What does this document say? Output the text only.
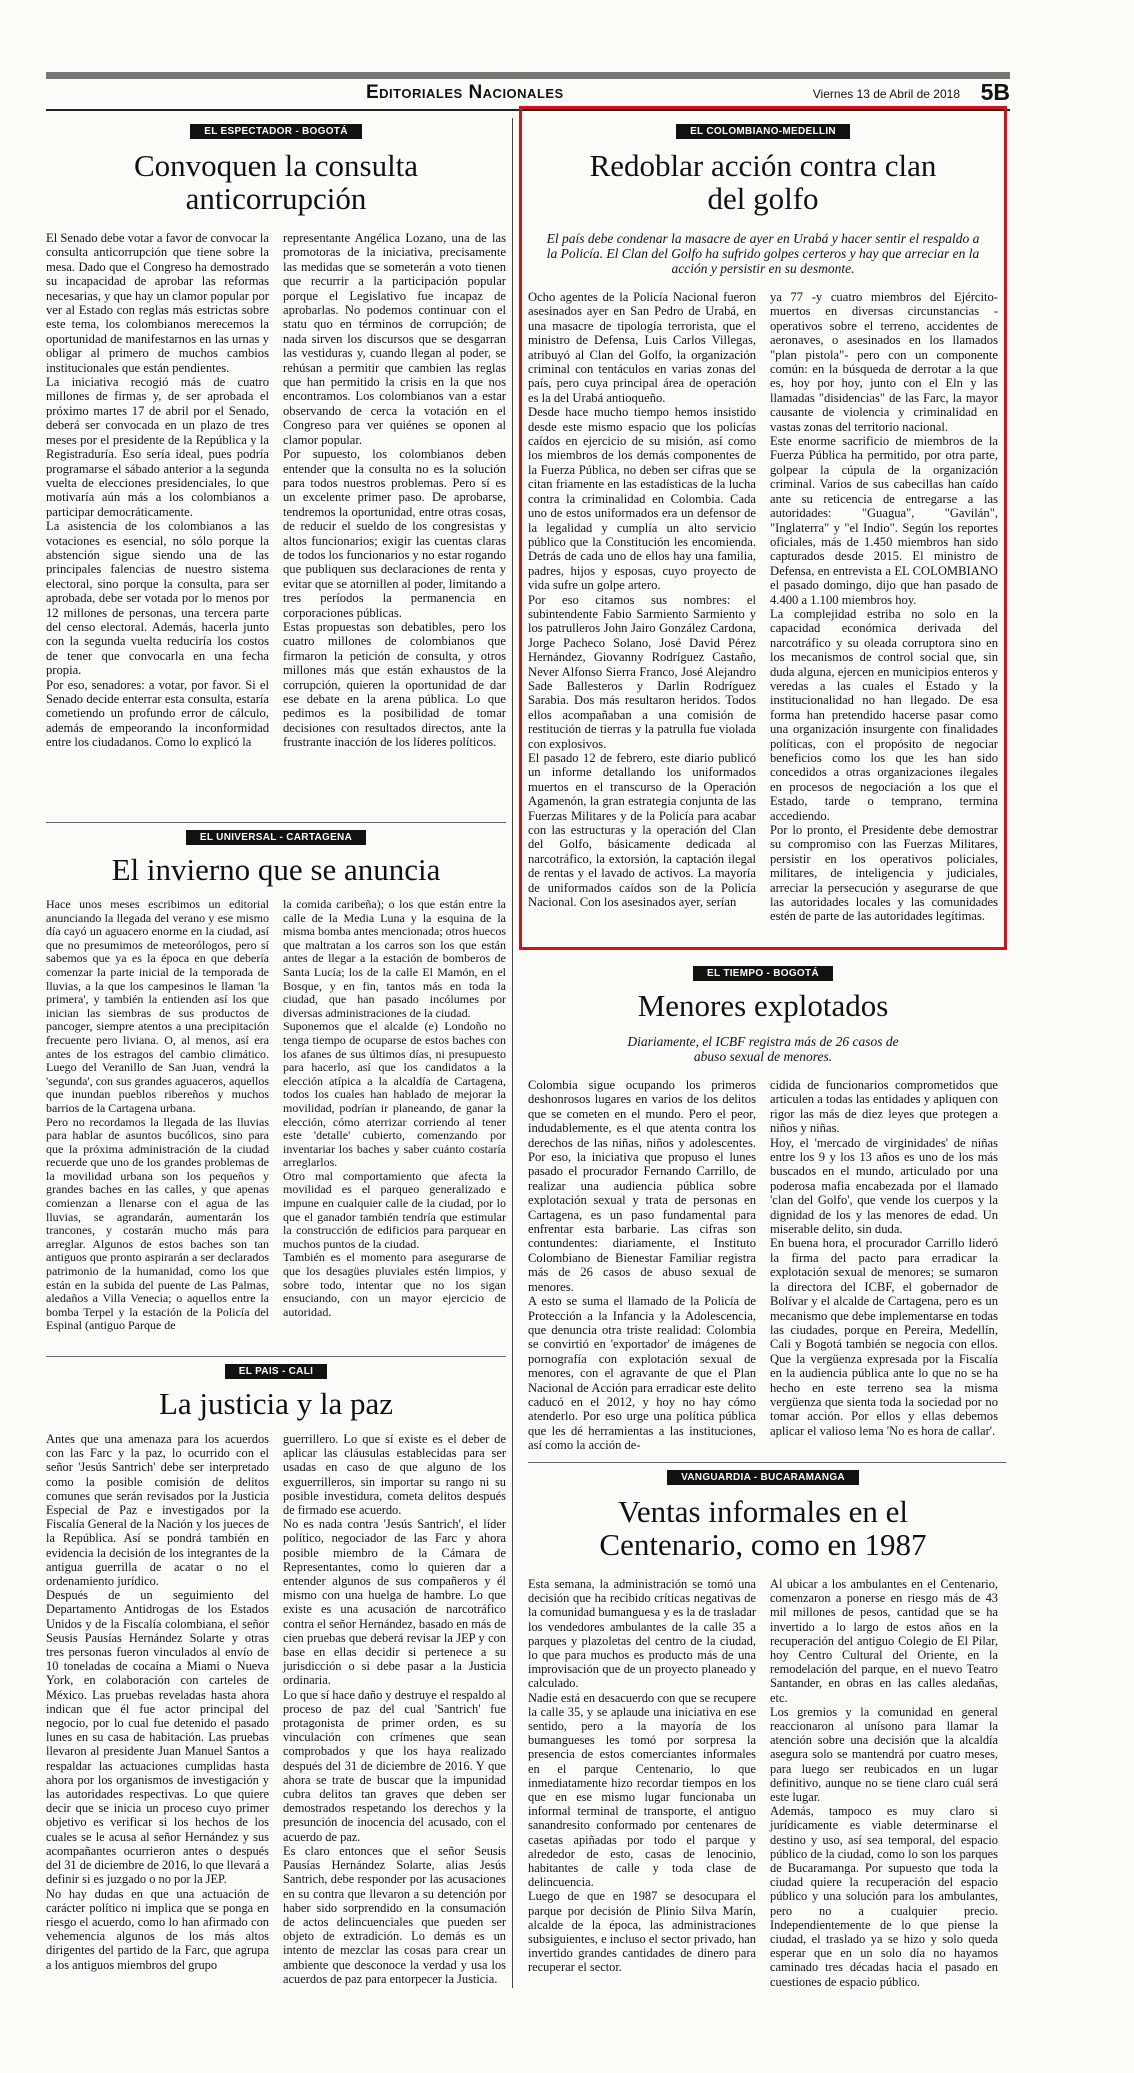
Editoriales Nacionales	Viernes 13 de Abril de 2018 5B
EL ESPECTADOR - BOGOTÁ
Convoquen la consulta anticorrupción

El Senado debe votar a favor de convocar la consulta anticorrupción que tiene sobre la mesa. Dado que el Congreso ha demostrado su incapacidad de aprobar las reformas necesarias, y que hay un clamor popular por ver al Estado con reglas más estrictas sobre este tema, los colombianos merecemos la oportunidad de manifestarnos en las urnas y obligar al primero de muchos cambios institucionales que están pendientes.

La iniciativa recogió más de cuatro millones de firmas y, de ser aprobada el próximo martes 17 de abril por el Senado, deberá ser convocada en un plazo de tres meses por el presidente de la República y la Registraduría. Eso sería ideal, pues podría programarse el sábado anterior a la segunda vuelta de elecciones presidenciales, lo que motivaría aún más a los colombianos a participar democráticamente.

La asistencia de los colombianos a las votaciones es esencial, no sólo porque la abstención sigue siendo una de las principales falencias de nuestro sistema electoral, sino porque la consulta, para ser aprobada, debe ser votada por lo menos por 12 millones de personas, una tercera parte del censo electoral. Además, hacerla junto con la segunda vuelta reduciría los costos de tener que convocarla en una fecha propia.

Por eso, senadores: a votar, por favor. Si el Senado decide enterrar esta consulta, estaría cometiendo un profundo error de cálculo, además de empeorando la inconformidad entre los ciudadanos. Como lo explicó la

representante Angélica Lozano, una de las promotoras de la iniciativa, precisamente las medidas que se someterán a voto tienen que recurrir a la participación popular porque el Legislativo fue incapaz de aprobarlas. No podemos continuar con el statu quo en términos de corrupción; de nada sirven los discursos que se desgarran las vestiduras y, cuando llegan al poder, se rehúsan a permitir que cambien las reglas que han permitido la crisis en la que nos encontramos. Los colombianos van a estar observando de cerca la votación en el Congreso para ver quiénes se oponen al clamor popular.

Por supuesto, los colombianos deben entender que la consulta no es la solución para todos nuestros problemas. Pero sí es un excelente primer paso. De aprobarse, tendremos la oportunidad, entre otras cosas, de reducir el sueldo de los congresistas y altos funcionarios; exigir las cuentas claras de todos los funcionarios y no estar rogando que publiquen sus declaraciones de renta y evitar que se atornillen al poder, limitando a tres períodos la permanencia en corporaciones públicas.

Estas propuestas son debatibles, pero los cuatro millones de colombianos que firmaron la petición de consulta, y otros millones más que están exhaustos de la corrupción, quieren la oportunidad de dar ese debate en la arena pública. Lo que pedimos es la posibilidad de tomar decisiones con resultados directos, ante la frustrante inacción de los líderes políticos.

EL COLOMBIANO-MEDELLIN
Redoblar acción contra clan del golfo
El país debe condenar la masacre de ayer en Urabá y hacer sentir el respaldo a la Policía. El Clan del Golfo ha sufrido golpes certeros y hay que arreciar en la acción y persistir en su desmonte.

Ocho agentes de la Policía Nacional fueron asesinados ayer en San Pedro de Urabá, en una masacre de tipología terrorista, que el ministro de Defensa, Luis Carlos Villegas, atribuyó al Clan del Golfo, la organización criminal con tentáculos en varias zonas del país, pero cuya principal área de operación es la del Urabá antioqueño.

Desde hace mucho tiempo hemos insistido desde este mismo espacio que los policías caídos en ejercicio de su misión, así como los miembros de los demás componentes de la Fuerza Pública, no deben ser cifras que se citan friamente en las estadísticas de la lucha contra la criminalidad en Colombia. Cada uno de estos uniformados era un defensor de la legalidad y cumplía un alto servicio público que la Constitución les encomienda. Detrás de cada uno de ellos hay una familia, padres, hijos y esposas, cuyo proyecto de vida sufre un golpe artero.

Por eso citamos sus nombres: el subintendente Fabio Sarmiento Sarmiento y los patrulleros John Jairo González Cardona, Jorge Pacheco Solano, José David Pérez Hernández, Giovanny Rodríguez Castaño, Never Alfonso Sierra Franco, José Alejandro Sade Ballesteros y Darlin Rodríguez Sarabia. Dos más resultaron heridos. Todos ellos acompañaban a una comisión de restitución de tierras y la patrulla fue violada con explosivos.

El pasado 12 de febrero, este diario publicó un informe detallando los uniformados muertos en el transcurso de la Operación Agamenón, la gran estrategia conjunta de las Fuerzas Militares y de la Policía para acabar con las estructuras y la operación del Clan del Golfo, básicamente dedicada al narcotráfico, la extorsión, la captación ilegal de rentas y el lavado de activos. La mayoría de uniformados caídos son de la Policía Nacional. Con los asesinados ayer, serían

ya 77 -y cuatro miembros del Ejército- muertos en diversas circunstancias -operativos sobre el terreno, accidentes de aeronaves, o asesinados en los llamados "plan pistola"- pero con un componente común: en la búsqueda de derrotar a la que es, hoy por hoy, junto con el Eln y las llamadas "disidencias" de las Farc, la mayor causante de violencia y criminalidad en vastas zonas del territorio nacional.

Este enorme sacrificio de miembros de la Fuerza Pública ha permitido, por otra parte, golpear la cúpula de la organización criminal. Varios de sus cabecillas han caído ante su reticencia de entregarse a las autoridades: "Guagua", "Gavilán", "Inglaterra" y "el Indio". Según los reportes oficiales, más de 1.450 miembros han sido capturados desde 2015. El ministro de Defensa, en entrevista a EL COLOMBIANO el pasado domingo, dijo que han pasado de 4.400 a 1.100 miembros hoy.

La complejidad estriba no solo en la capacidad económica derivada del narcotráfico y su oleada corruptora sino en los mecanismos de control social que, sin duda alguna, ejercen en municipios enteros y veredas a las cuales el Estado y la institucionalidad no han llegado. De esa forma han pretendido hacerse pasar como una organización insurgente con finalidades políticas, con el propósito de negociar beneficios como los que les han sido concedidos a otras organizaciones ilegales en procesos de negociación a los que el Estado, tarde o temprano, termina accediendo.

Por lo pronto, el Presidente debe demostrar su compromiso con las Fuerzas Militares, persistir en los operativos policiales, militares, de inteligencia y judiciales, arreciar la persecución y asegurarse de que las autoridades locales y las comunidades estén de parte de las autoridades legítimas.

EL UNIVERSAL - CARTAGENA
El invierno que se anuncia

Hace unos meses escribimos un editorial anunciando la llegada del verano y ese mismo día cayó un aguacero enorme en la ciudad, así que no presumimos de meteorólogos, pero sí sabemos que ya es la época en que debería comenzar la parte inicial de la temporada de lluvias, a la que los campesinos le llaman 'la primera', y también la entienden así los que inician las siembras de sus productos de pancoger, siempre atentos a una precipitación frecuente pero liviana. O, al menos, así era antes de los estragos del cambio climático. Luego del Veranillo de San Juan, vendrá la 'segunda', con sus grandes aguaceros, aquellos que inundan pueblos ribereños y muchos barrios de la Cartagena urbana.

Pero no recordamos la llegada de las lluvias para hablar de asuntos bucólicos, sino para que la próxima administración de la ciudad recuerde que uno de los grandes problemas de la movilidad urbana son los pequeños y grandes baches en las calles, y que apenas comienzan a llenarse con el agua de las lluvias, se agrandarán, aumentarán los trancones, y costarán mucho más para arreglar. Algunos de estos baches son tan antiguos que pronto aspirarán a ser declarados patrimonio de la humanidad, como los que están en la subida del puente de Las Palmas, aledaños a Villa Venecia; o aquellos entre la bomba Terpel y la estación de la Policía del Espinal (antiguo Parque de

la comida caribeña); o los que están entre la calle de la Media Luna y la esquina de la misma bomba antes mencionada; otros huecos que maltratan a los carros son los que están antes de llegar a la estación de bomberos de Santa Lucía; los de la calle El Mamón, en el Bosque, y en fin, tantos más en toda la ciudad, que han pasado incólumes por diversas administraciones de la ciudad.

Suponemos que el alcalde (e) Londoño no tenga tiempo de ocuparse de estos baches con los afanes de sus últimos días, ni presupuesto para hacerlo, así que los candidatos a la elección atípica a la alcaldía de Cartagena, todos los cuales han hablado de mejorar la movilidad, podrían ir planeando, de ganar la elección, cómo aterrizar corriendo al tener este 'detalle' cubierto, comenzando por inventariar los baches y saber cuánto costaría arreglarlos.

Otro mal comportamiento que afecta la movilidad es el parqueo generalizado e impune en cualquier calle de la ciudad, por lo que el ganador también tendría que estimular la construcción de edificios para parquear en muchos puntos de la ciudad.

También es el momento para asegurarse de que los desagües pluviales estén limpios, y sobre todo, intentar que no los sigan ensuciando, con un mayor ejercicio de autoridad.

EL TIEMPO - BOGOTÁ
Menores explotados
Diariamente, el ICBF registra más de 26 casos de abuso sexual de menores.

Colombia sigue ocupando los primeros deshonrosos lugares en varios de los delitos que se cometen en el mundo. Pero el peor, indudablemente, es el que atenta contra los derechos de las niñas, niños y adolescentes. Por eso, la iniciativa que propuso el lunes pasado el procurador Fernando Carrillo, de realizar una audiencia pública sobre explotación sexual y trata de personas en Cartagena, es un paso fundamental para enfrentar esta barbarie. Las cifras son contundentes: diariamente, el Instituto Colombiano de Bienestar Familiar registra más de 26 casos de abuso sexual de menores.

A esto se suma el llamado de la Policía de Protección a la Infancia y la Adolescencia, que denuncia otra triste realidad: Colombia se convirtió en 'exportador' de imágenes de pornografía con explotación sexual de menores, con el agravante de que el Plan Nacional de Acción para erradicar este delito caducó en el 2012, y hoy no hay cómo atenderlo. Por eso urge una política pública que les dé herramientas a las instituciones, así como la acción de-

cidida de funcionarios comprometidos que articulen a todas las entidades y apliquen con rigor las más de diez leyes que protegen a niños y niñas.

Hoy, el 'mercado de virginidades' de niñas entre los 9 y los 13 años es uno de los más buscados en el mundo, articulado por una poderosa mafia encabezada por el llamado 'clan del Golfo', que vende los cuerpos y la dignidad de los y las menores de edad. Un miserable delito, sin duda.

En buena hora, el procurador Carrillo lideró la firma del pacto para erradicar la explotación sexual de menores; se sumaron la directora del ICBF, el gobernador de Bolívar y el alcalde de Cartagena, pero es un mecanismo que debe implementarse en todas las ciudades, porque en Pereira, Medellín, Cali y Bogotá también se negocia con ellos. Que la vergüenza expresada por la Fiscalía en la audiencia pública ante lo que no se ha hecho en este terreno sea la misma vergüenza que sienta toda la sociedad por no tomar acción. Por ellos y ellas debemos aplicar el valioso lema 'No es hora de callar'.

EL PAIS - CALI
La justicia y la paz

Antes que una amenaza para los acuerdos con las Farc y la paz, lo ocurrido con el señor 'Jesús Santrich' debe ser interpretado como la posible comisión de delitos comunes que serán revisados por la Justicia Especial de Paz e investigados por la Fiscalía General de la Nación y los jueces de la República. Así se pondrá también en evidencia la decisión de los integrantes de la antigua guerrilla de acatar o no el ordenamiento jurídico.

Después de un seguimiento del Departamento Antidrogas de los Estados Unidos y de la Fiscalía colombiana, el señor Seusis Pausías Hernández Solarte y otras tres personas fueron vinculados al envío de 10 toneladas de cocaína a Miami o Nueva York, en colaboración con carteles de México. Las pruebas reveladas hasta ahora indican que él fue actor principal del negocio, por lo cual fue detenido el pasado lunes en su casa de habitación. Las pruebas llevaron al presidente Juan Manuel Santos a respaldar las actuaciones cumplidas hasta ahora por los organismos de investigación y las autoridades respectivas. Lo que quiere decir que se inicia un proceso cuyo primer objetivo es verificar si los hechos de los cuales se le acusa al señor Hernández y sus acompañantes ocurrieron antes o después del 31 de diciembre de 2016, lo que llevará a definir si es juzgado o no por la JEP.

No hay dudas en que una actuación de carácter político ni implica que se ponga en riesgo el acuerdo, como lo han afirmado con vehemencia algunos de los más altos dirigentes del partido de la Farc, que agrupa a los antiguos miembros del grupo

guerrillero. Lo que sí existe es el deber de aplicar las cláusulas establecidas para ser usadas en caso de que alguno de los exguerrilleros, sin importar su rango ni su posible investidura, cometa delitos después de firmado ese acuerdo.

No es nada contra 'Jesús Santrich', el líder político, negociador de las Farc y ahora posible miembro de la Cámara de Representantes, como lo quieren dar a entender algunos de sus compañeros y él mismo con una huelga de hambre. Lo que existe es una acusación de narcotráfico contra el señor Hernández, basado en más de cien pruebas que deberá revisar la JEP y con base en ellas decidir si pertenece a su jurisdicción o si debe pasar a la Justicia ordinaria.

Lo que sí hace daño y destruye el respaldo al proceso de paz del cual 'Santrich' fue protagonista de primer orden, es su vinculación con crímenes que sean comprobados y que los haya realizado después del 31 de diciembre de 2016. Y que ahora se trate de buscar que la impunidad cubra delitos tan graves que deben ser demostrados respetando los derechos y la presunción de inocencia del acusado, con el acuerdo de paz.

Es claro entonces que el señor Seusis Pausías Hernández Solarte, alias Jesús Santrich, debe responder por las acusaciones en su contra que llevaron a su detención por haber sido sorprendido en la consumación de actos delincuenciales que pueden ser objeto de extradición. Lo demás es un intento de mezclar las cosas para crear un ambiente que desconoce la verdad y usa los acuerdos de paz para entorpecer la Justicia.

VANGUARDIA - BUCARAMANGA
Ventas informales en el Centenario, como en 1987

Esta semana, la administración se tomó una decisión que ha recibido críticas negativas de la comunidad bumanguesa y es la de trasladar los vendedores ambulantes de la calle 35 a parques y plazoletas del centro de la ciudad, lo que para muchos es producto más de una improvisación que de un proyecto planeado y calculado.

Nadie está en desacuerdo con que se recupere la calle 35, y se aplaude una iniciativa en ese sentido, pero a la mayoría de los bumangueses les tomó por sorpresa la presencia de estos comerciantes informales en el parque Centenario, lo que inmediatamente hizo recordar tiempos en los que en ese mismo lugar funcionaba un informal terminal de transporte, el antiguo sanandresito conformado por centenares de casetas apiñadas por todo el parque y alrededor de esto, casas de lenocinio, habitantes de calle y toda clase de delincuencia.

Luego de que en 1987 se desocupara el parque por decisión de Plinio Silva Marín, alcalde de la época, las administraciones subsiguientes, e incluso el sector privado, han invertido grandes cantidades de dinero para recuperar el sector.

Al ubicar a los ambulantes en el Centenario, comenzaron a ponerse en riesgo más de 43 mil millones de pesos, cantidad que se ha invertido a lo largo de estos años en la recuperación del antiguo Colegio de El Pilar, hoy Centro Cultural del Oriente, en la remodelación del parque, en el nuevo Teatro Santander, en obras en las calles aledañas, etc.

Los gremios y la comunidad en general reaccionaron al unísono para llamar la atención sobre una decisión que la alcaldía asegura solo se mantendrá por cuatro meses, para luego ser reubicados en un lugar definitivo, aunque no se tiene claro cuál será este lugar.

Además, tampoco es muy claro si jurídicamente es viable determinarse el destino y uso, así sea temporal, del espacio público de la ciudad, como lo son los parques de Bucaramanga. Por supuesto que toda la ciudad quiere la recuperación del espacio público y una solución para los ambulantes, pero no a cualquier precio. Independientemente de lo que piense la ciudad, el traslado ya se hizo y solo queda esperar que en un solo día no hayamos caminado tres décadas hacia el pasado en cuestiones de espacio público.
